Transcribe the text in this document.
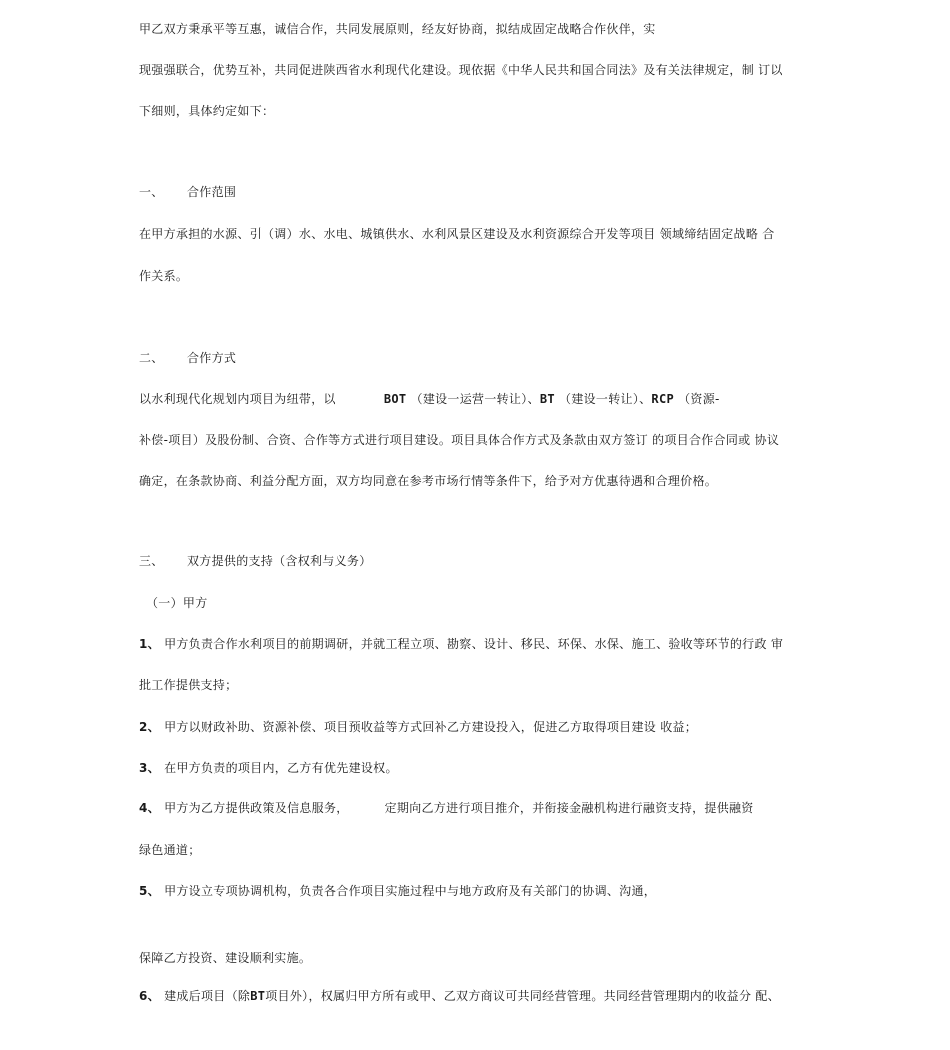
甲乙双方秉承平等互惠，诚信合作，共同发展原则，经友好协商，拟结成固定战略合作伙伴，实
现强强联合，优势互补，共同促进陕西省水利现代化建设。现依据《中华人民共和国合同法》及有关法律规定，制 订以
下细则，具体约定如下：
一、 合作范围
在甲方承担的水源、引（调）水、水电、城镇供水、水利风景区建设及水利资源综合开发等项目 领域缔结固定战略 合
作关系。
二、 合作方式
以水利现代化规划内项目为纽带，以	BOT （建设一运营一转让）、BT （建设一转让）、RCP （资源-
补偿-项目）及股份制、合资、合作等方式进行项目建设。项目具体合作方式及条款由双方签订 的项目合作合同或 协议
确定，在条款协商、利益分配方面，双方均同意在参考市场行情等条件下，给予对方优惠待遇和合理价格。
三、 双方提供的支持（含权利与义务）
（一）甲方
1、 甲方负责合作水利项目的前期调研，并就工程立项、勘察、设计、移民、环保、水保、施工、验收等环节的行政 审
批工作提供支持；
2、 甲方以财政补助、资源补偿、项目预收益等方式回补乙方建设投入，促进乙方取得项目建设 收益；
3、 在甲方负责的项目内，乙方有优先建设权。
4、 甲方为乙方提供政策及信息服务，	定期向乙方进行项目推介，并衔接金融机构进行融资支持，提供融资
绿色通道；
5、 甲方设立专项协调机构，负责各合作项目实施过程中与地方政府及有关部门的协调、沟通，
保障乙方投资、建设顺利实施。
6、 建成后项目（除BT项目外），权属归甲方所有或甲、乙双方商议可共同经营管理。共同经营管理期内的收益分 配、
